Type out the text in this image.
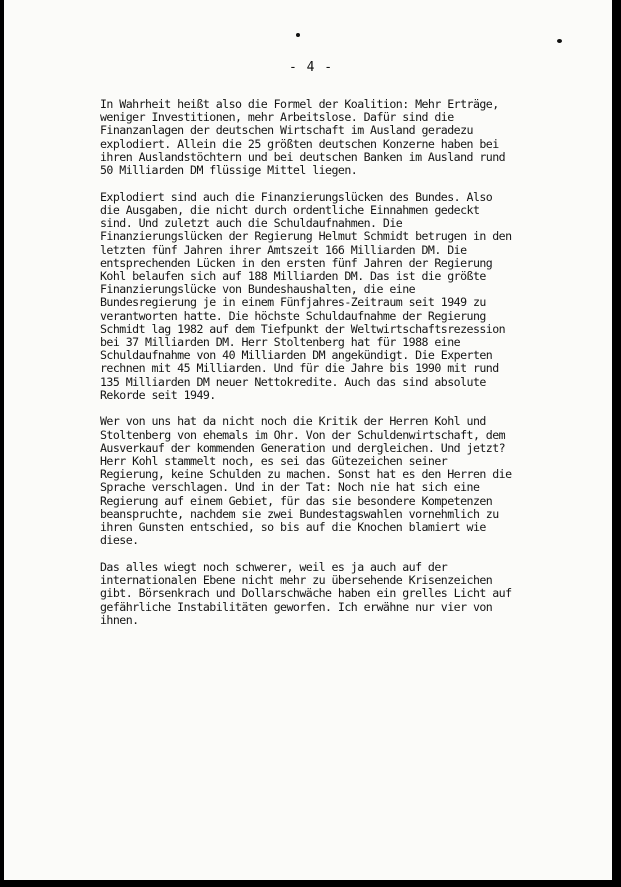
- 4 -

In Wahrheit heißt also die Formel der Koalition: Mehr Erträge,
weniger Investitionen, mehr Arbeitslose. Dafür sind die
Finanzanlagen der deutschen Wirtschaft im Ausland geradezu
explodiert. Allein die 25 größten deutschen Konzerne haben bei
ihren Auslandstöchtern und bei deutschen Banken im Ausland rund
50 Milliarden DM flüssige Mittel liegen.

Explodiert sind auch die Finanzierungslücken des Bundes. Also
die Ausgaben, die nicht durch ordentliche Einnahmen gedeckt
sind. Und zuletzt auch die Schuldaufnahmen. Die
Finanzierungslücken der Regierung Helmut Schmidt betrugen in den
letzten fünf Jahren ihrer Amtszeit 166 Milliarden DM. Die
entsprechenden Lücken in den ersten fünf Jahren der Regierung
Kohl belaufen sich auf 188 Milliarden DM. Das ist die größte
Finanzierungslücke von Bundeshaushalten, die eine
Bundesregierung je in einem Fünfjahres-Zeitraum seit 1949 zu
verantworten hatte. Die höchste Schuldaufnahme der Regierung
Schmidt lag 1982 auf dem Tiefpunkt der Weltwirtschaftsrezession
bei 37 Milliarden DM. Herr Stoltenberg hat für 1988 eine
Schuldaufnahme von 40 Milliarden DM angekündigt. Die Experten
rechnen mit 45 Milliarden. Und für die Jahre bis 1990 mit rund
135 Milliarden DM neuer Nettokredite. Auch das sind absolute
Rekorde seit 1949.

Wer von uns hat da nicht noch die Kritik der Herren Kohl und
Stoltenberg von ehemals im Ohr. Von der Schuldenwirtschaft, dem
Ausverkauf der kommenden Generation und dergleichen. Und jetzt?
Herr Kohl stammelt noch, es sei das Gütezeichen seiner
Regierung, keine Schulden zu machen. Sonst hat es den Herren die
Sprache verschlagen. Und in der Tat: Noch nie hat sich eine
Regierung auf einem Gebiet, für das sie besondere Kompetenzen
beanspruchte, nachdem sie zwei Bundestagswahlen vornehmlich zu
ihren Gunsten entschied, so bis auf die Knochen blamiert wie
diese.

Das alles wiegt noch schwerer, weil es ja auch auf der
internationalen Ebene nicht mehr zu übersehende Krisenzeichen
gibt. Börsenkrach und Dollarschwäche haben ein grelles Licht auf
gefährliche Instabilitäten geworfen. Ich erwähne nur vier von
ihnen.
